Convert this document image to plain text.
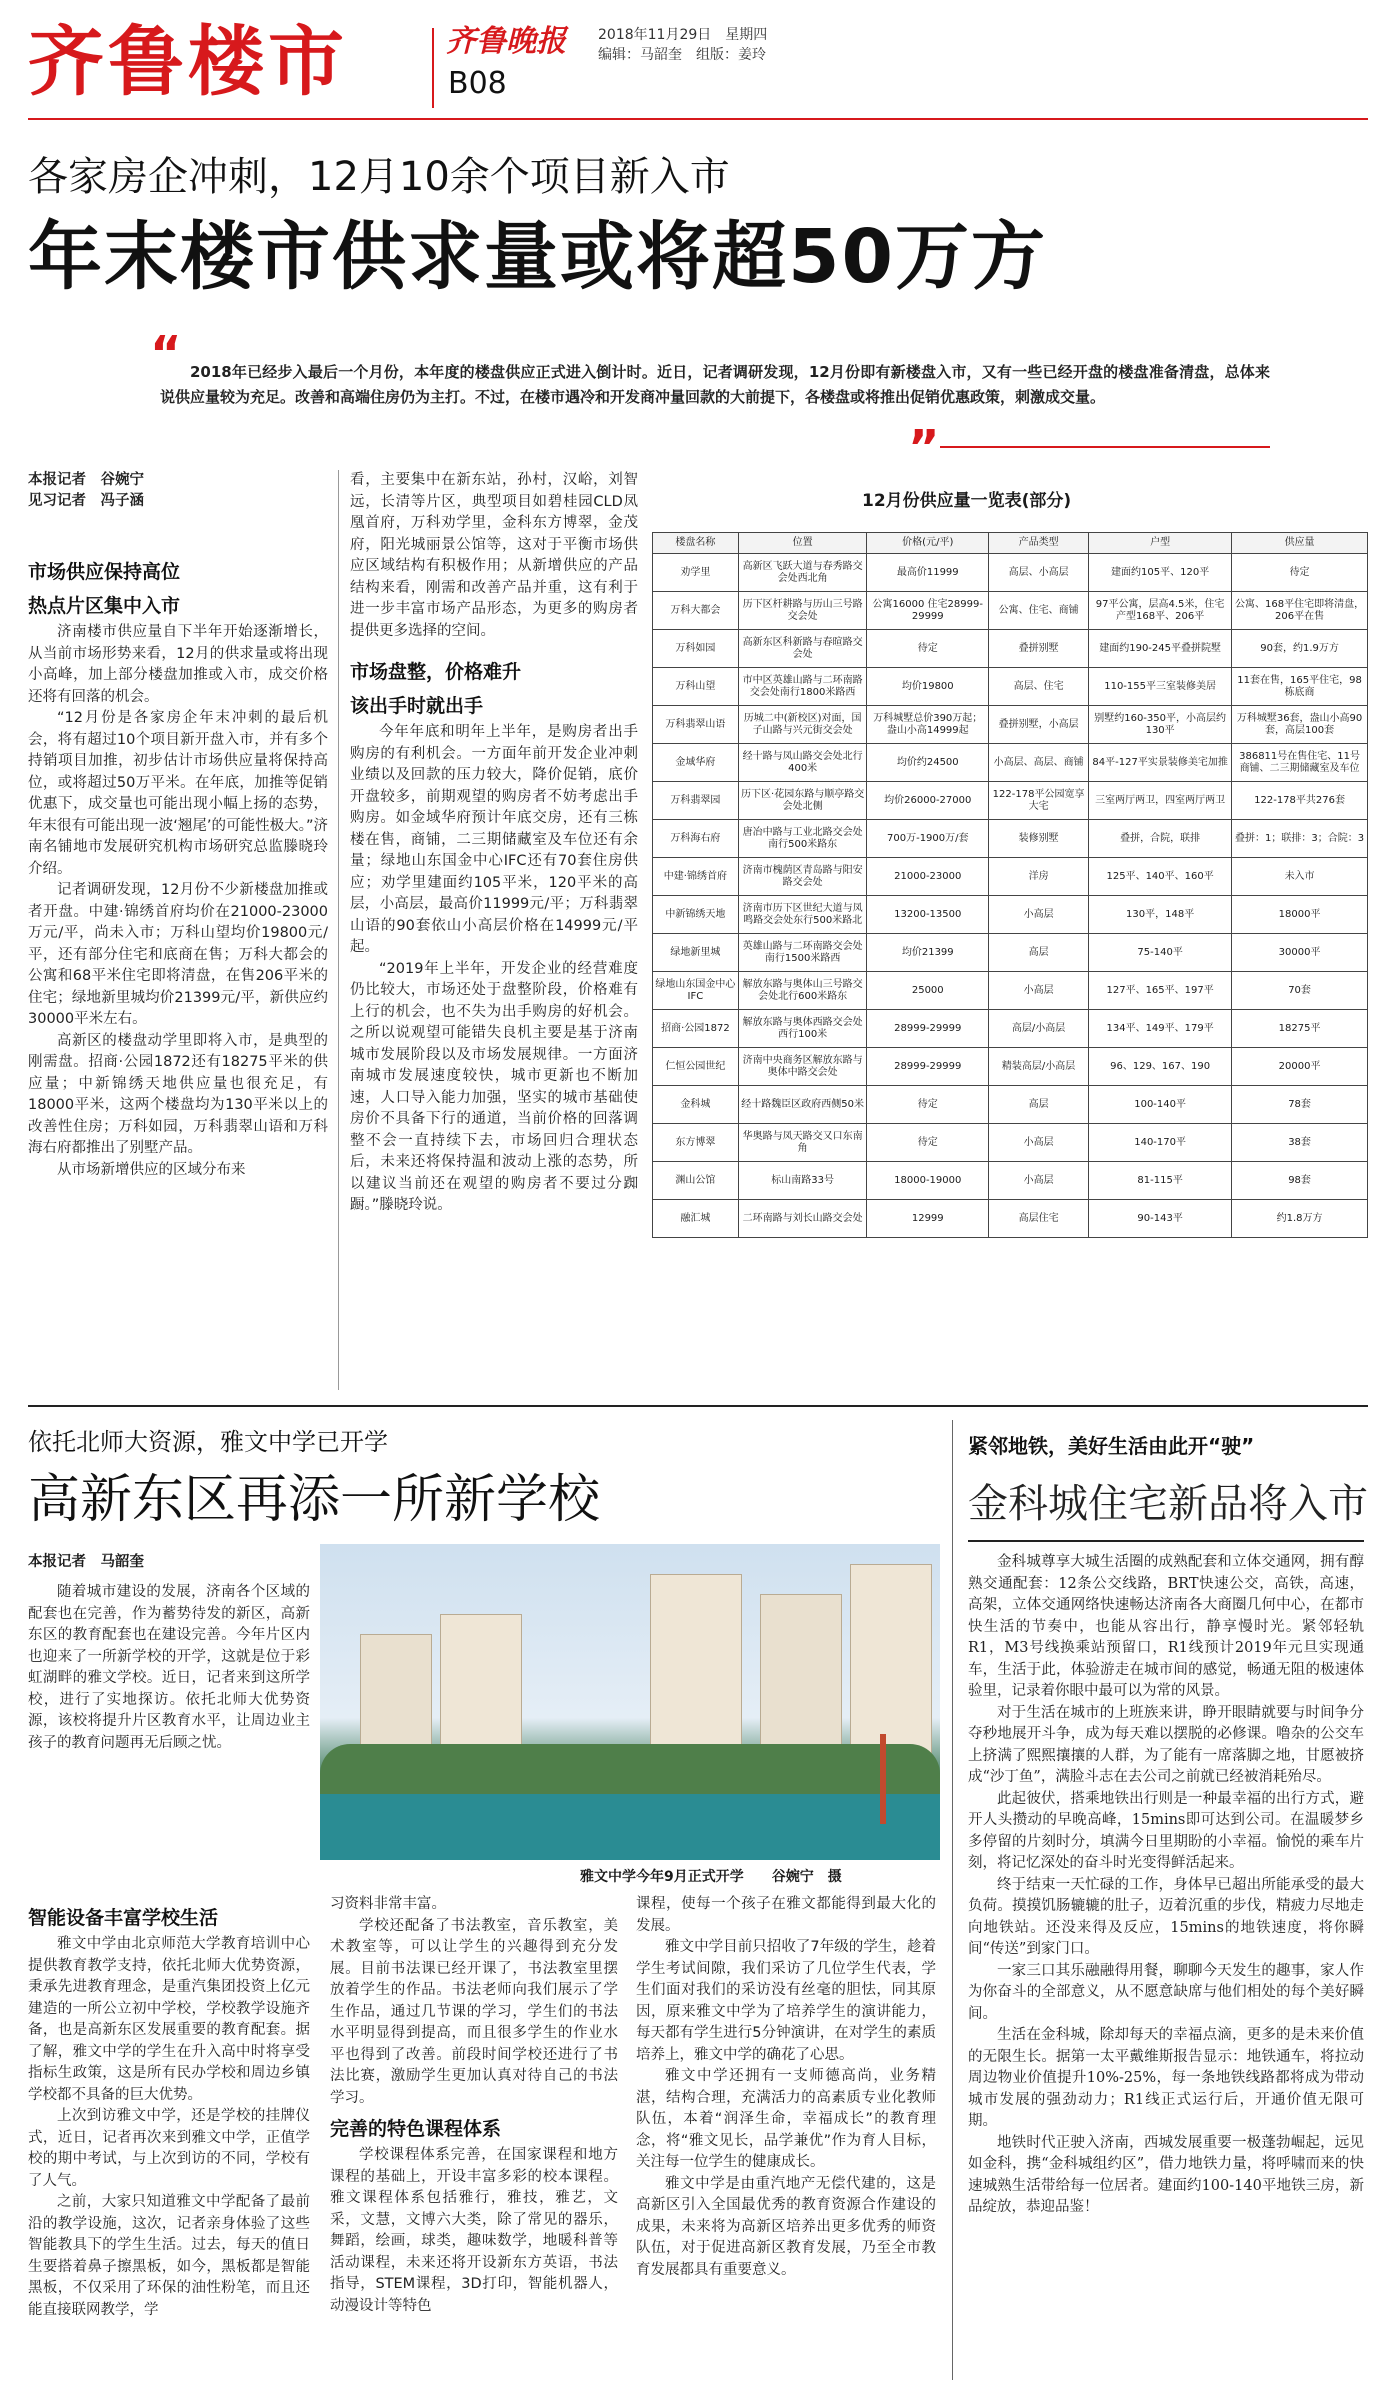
齐鲁楼市	齐鲁晚报
B08
2018年11月29日　星期四
编辑：马韶奎　组版：姜玲
各家房企冲刺，12月10余个项目新入市
年末楼市供求量或将超50万方
“ 2018年已经步入最后一个月份，本年度的楼盘供应正式进入倒计时。近日，记者调研发现，12月份即有新楼盘入市，又有一些已经开盘的楼盘准备清盘，总体来说供应量较为充足。改善和高端住房仍为主打。不过，在楼市遇冷和开发商冲量回款的大前提下，各楼盘或将推出促销优惠政策，刺激成交量。
”
本报记者　谷婉宁
见习记者　冯子涵
市场供应保持高位
热点片区集中入市

济南楼市供应量自下半年开始逐渐增长，从当前市场形势来看，12月的供求量或将出现小高峰，加上部分楼盘加推或入市，成交价格还将有回落的机会。

“12月份是各家房企年末冲刺的最后机会，将有超过10个项目新开盘入市，并有多个持销项目加推，初步估计市场供应量将保持高位，或将超过50万平米。在年底，加推等促销优惠下，成交量也可能出现小幅上扬的态势，年末很有可能出现一波‘翘尾’的可能性极大。”济南名铺地市发展研究机构市场研究总监滕晓玲介绍。

记者调研发现，12月份不少新楼盘加推或者开盘。中建·锦绣首府均价在21000-23000万元/平，尚未入市；万科山望均价19800元/平，还有部分住宅和底商在售；万科大都会的公寓和68平米住宅即将清盘，在售206平米的住宅；绿地新里城均价21399元/平，新供应约30000平米左右。

高新区的楼盘动学里即将入市，是典型的刚需盘。招商·公园1872还有18275平米的供应量；中新锦绣天地供应量也很充足，有18000平米，这两个楼盘均为130平米以上的改善性住房；万科如园，万科翡翠山语和万科海右府都推出了别墅产品。

从市场新增供应的区域分布来

看，主要集中在新东站，孙村，汉峪，刘智远，长清等片区，典型项目如碧桂园CLD凤凰首府，万科劝学里，金科东方博翠，金茂府，阳光城丽景公馆等，这对于平衡市场供应区域结构有积极作用；从新增供应的产品结构来看，刚需和改善产品并重，这有利于进一步丰富市场产品形态，为更多的购房者提供更多选择的空间。

市场盘整，价格难升
该出手时就出手

今年年底和明年上半年，是购房者出手购房的有利机会。一方面年前开发企业冲刺业绩以及回款的压力较大，降价促销，底价开盘较多，前期观望的购房者不妨考虑出手购房。如金域华府预计年底交房，还有三栋楼在售，商铺，二三期储藏室及车位还有余量；绿地山东国金中心IFC还有70套住房供应；劝学里建面约105平米，120平米的高层，小高层，最高价11999元/平；万科翡翠山语的90套依山小高层价格在14999元/平起。

“2019年上半年，开发企业的经营难度仍比较大，市场还处于盘整阶段，价格难有上行的机会，也不失为出手购房的好机会。之所以说观望可能错失良机主要是基于济南城市发展阶段以及市场发展规律。一方面济南城市发展速度较快，城市更新也不断加速，人口导入能力加强，坚实的城市基础使房价不具备下行的通道，当前价格的回落调整不会一直持续下去，市场回归合理状态后，未来还将保持温和波动上涨的态势，所以建议当前还在观望的购房者不要过分踟蹰。”滕晓玲说。

12月份供应量一览表(部分)
楼盘名称	位置	价格(元/平)	产品类型	户型	供应量
劝学里	高新区飞跃大道与春秀路交会处西北角	最高价11999	高层、小高层	建面约105平、120平	待定
万科大都会	历下区杆耕路与历山三号路交会处	公寓16000 住宅28999-29999	公寓、住宅、商铺	97平公寓，层高4.5米，住宅产型168平、206平	公寓、168平住宅即将清盘，206平在售
万科如园	高新东区科新路与春暄路交会处	待定	叠拼别墅	建面约190-245平叠拼院墅	90套，约1.9万方
万科山望	市中区英雄山路与二环南路交会处南行1800米路西	均价19800	高层、住宅	110-155平三室装修美居	11套在售，165平住宅，98栋底商
万科翡翠山语	历城二中(新校区)对面，国子山路与兴元街交会处	万科城墅总价390万起；盎山小高14999起	叠拼别墅，小高层	别墅约160-350平，小高层约130平	万科城墅36套，盎山小高90套，高层100套
金域华府	经十路与凤山路交会处北行400米	均价约24500	小高层、高层、商铺	84平-127平实景装修美宅加推	386811号在售住宅、11号商铺、二三期储藏室及车位
万科翡翠园	历下区·花园东路与顺亭路交会处北侧	均价26000-27000	122-178平公园宽享大宅	三室两厅两卫，四室两厅两卫	122-178平共276套
万科海右府	唐冶中路与工业北路交会处南行500米路东	700万-1900万/套	装修别墅	叠拼，合院，联排	叠拼：1；联排：3；合院：3
中建·锦绣首府	济南市槐荫区青岛路与阳安路交会处	21000-23000	洋房	125平、140平、160平	未入市
中新锦绣天地	济南市历下区世纪大道与凤鸣路交会处东行500米路北	13200-13500	小高层	130平，148平	18000平
绿地新里城	英雄山路与二环南路交会处南行1500米路西	均价21399	高层	75-140平	30000平
绿地山东国金中心IFC	解放东路与奥体山三号路交会处北行600米路东	25000	小高层	127平、165平、197平	70套
招商·公园1872	解放东路与奥体西路交会处西行100米	28999-29999	高层/小高层	134平、149平、179平	18275平
仁恒公园世纪	济南中央商务区解放东路与奥体中路交会处	28999-29999	精装高层/小高层	96、129、167、190	20000平
金科城	经十路魏臣区政府西侧50米	待定	高层	100-140平	78套
东方博翠	华奥路与凤天路交又口东南角	待定	小高层	140-170平	38套
渊山公馆	标山南路33号	18000-19000	小高层	81-115平	98套
融汇城	二环南路与刘长山路交会处	12999	高层住宅	90-143平	约1.8万方
依托北师大资源，雅文中学已开学
高新东区再添一所新学校
本报记者　马韶奎
雅文中学今年9月正式开学　　谷婉宁　摄

随着城市建设的发展，济南各个区域的配套也在完善，作为蓄势待发的新区，高新东区的教育配套也在建设完善。今年片区内也迎来了一所新学校的开学，这就是位于彩虹湖畔的雅文学校。近日，记者来到这所学校，进行了实地探访。依托北师大优势资源，该校将提升片区教育水平，让周边业主孩子的教育问题再无后顾之忧。

智能设备丰富学校生活

雅文中学由北京师范大学教育培训中心提供教育教学支持，依托北师大优势资源，秉承先进教育理念，是重汽集团投资上亿元建造的一所公立初中学校，学校教学设施齐备，也是高新东区发展重要的教育配套。据了解，雅文中学的学生在升入高中时将享受指标生政策，这是所有民办学校和周边乡镇学校都不具备的巨大优势。

上次到访雅文中学，还是学校的挂牌仪式，近日，记者再次来到雅文中学，正值学校的期中考试，与上次到访的不同，学校有了人气。

之前，大家只知道雅文中学配备了最前沿的教学设施，这次，记者亲身体验了这些智能教具下的学生生活。过去，每天的值日生要搭着鼻子擦黑板，如今，黑板都是智能黑板，不仅采用了环保的油性粉笔，而且还能直接联网教学，学

习资料非常丰富。

学校还配备了书法教室，音乐教室，美术教室等，可以让学生的兴趣得到充分发展。目前书法课已经开课了，书法教室里摆放着学生的作品。书法老师向我们展示了学生作品，通过几节课的学习，学生们的书法水平明显得到提高，而且很多学生的作业水平也得到了改善。前段时间学校还进行了书法比赛，激励学生更加认真对待自己的书法学习。

完善的特色课程体系

学校课程体系完善，在国家课程和地方课程的基础上，开设丰富多彩的校本课程。雅文课程体系包括雅行，雅技，雅艺，文采，文慧，文博六大类，除了常见的器乐，舞蹈，绘画，球类，趣味数学，地暖科普等活动课程，未来还将开设新东方英语，书法指导，STEM课程，3D打印，智能机器人，动漫设计等特色

课程，使每一个孩子在雅文都能得到最大化的发展。

雅文中学目前只招收了7年级的学生，趁着学生考试间隙，我们采访了几位学生代表，学生们面对我们的采访没有丝毫的胆怯，同其原因，原来雅文中学为了培养学生的演讲能力，每天都有学生进行5分钟演讲，在对学生的素质培养上，雅文中学的确花了心思。

雅文中学还拥有一支师德高尚，业务精湛，结构合理，充满活力的高素质专业化教师队伍，本着“润泽生命，幸福成长”的教育理念，将“雅文见长，品学兼优”作为育人目标，关注每一位学生的健康成长。

雅文中学是由重汽地产无偿代建的，这是高新区引入全国最优秀的教育资源合作建设的成果，未来将为高新区培养出更多优秀的师资队伍，对于促进高新区教育发展，乃至全市教育发展都具有重要意义。

紧邻地铁，美好生活由此开“驶”
金科城住宅新品将入市

金科城尊享大城生活圈的成熟配套和立体交通网，拥有醇熟交通配套：12条公交线路，BRT快速公交，高铁，高速，高架，立体交通网络快速畅达济南各大商圈几何中心，在都市快生活的节奏中，也能从容出行，静享慢时光。紧邻轻轨R1，M3号线换乘站预留口，R1线预计2019年元旦实现通车，生活于此，体验游走在城市间的感觉，畅通无阻的极速体验里，记录着你眼中最可以为常的风景。

对于生活在城市的上班族来讲，睁开眼睛就要与时间争分夺秒地展开斗争，成为每天难以摆脱的必修课。噜杂的公交车上挤满了熙熙攘攘的人群，为了能有一席落脚之地，甘愿被挤成“沙丁鱼”，满脸斗志在去公司之前就已经被消耗殆尽。

此起彼伏，搭乘地铁出行则是一种最幸福的出行方式，避开人头攒动的早晚高峰，15mins即可达到公司。在温暖梦乡多停留的片刻时分，填满今日里期盼的小幸福。愉悦的乘车片刻，将记忆深处的奋斗时光变得鲜活起来。

终于结束一天忙碌的工作，身体早已超出所能承受的最大负荷。摸摸饥肠辘辘的肚子，迈着沉重的步伐，精疲力尽地走向地铁站。还没来得及反应，15mins的地铁速度，将你瞬间“传送”到家门口。

一家三口其乐融融得用餐，聊聊今天发生的趣事，家人作为你奋斗的全部意义，从不愿意缺席与他们相处的每个美好瞬间。

生活在金科城，除却每天的幸福点滴，更多的是未来价值的无限生长。据第一太平戴维斯报告显示：地铁通车，将拉动周边物业价值提升10%-25%，每一条地铁线路都将成为带动城市发展的强劲动力；R1线正式运行后，开通价值无限可期。

地铁时代正驶入济南，西城发展重要一极蓬勃崛起，远见如金科，携“金科城组约区”，借力地铁力量，将呼啸而来的快速城熟生活带给每一位居者。建面约100-140平地铁三房，新品绽放，恭迎品鉴！
